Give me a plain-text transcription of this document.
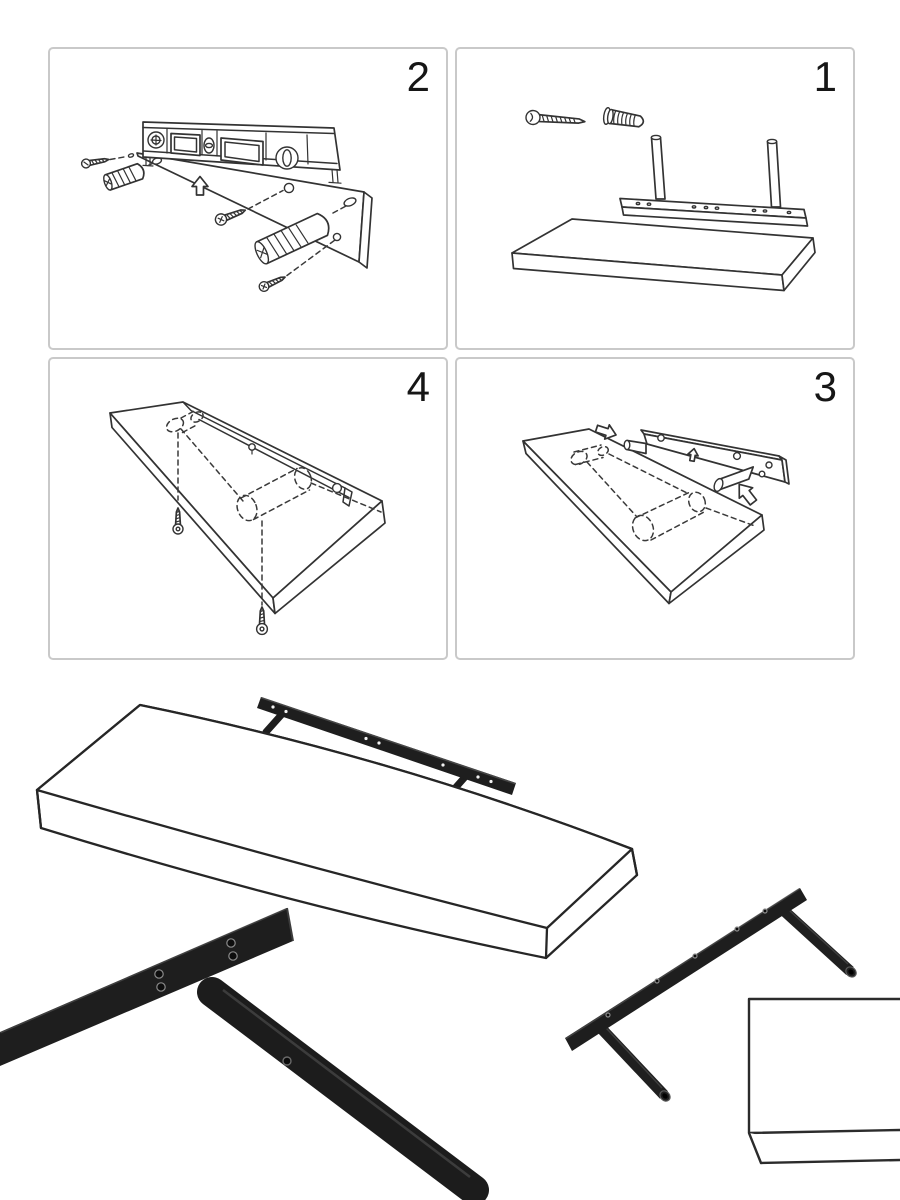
2	1
4	3
